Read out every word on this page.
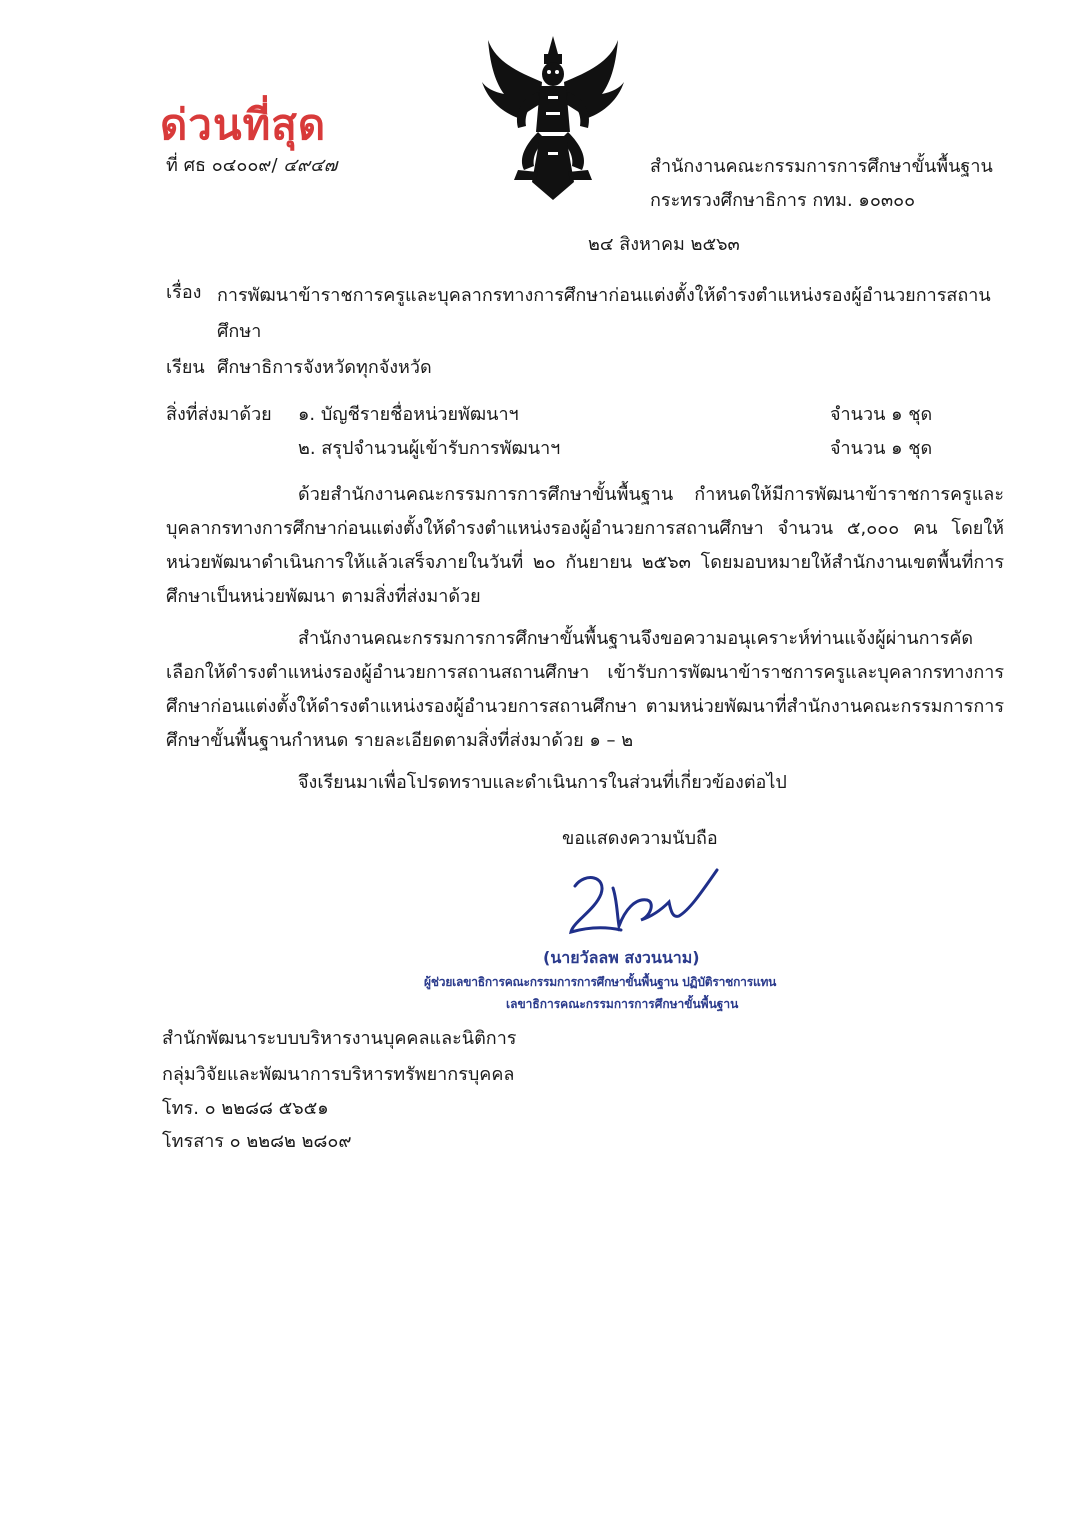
ด่วนที่สุด
ที่ ศธ ๐๔๐๐๙/ ๔๙๔๗	สำนักงานคณะกรรมการการศึกษาขั้นพื้นฐาน
กระทรวงศึกษาธิการ กทม. ๑๐๓๐๐
๒๔ สิงหาคม ๒๕๖๓
เรื่อง การพัฒนาข้าราชการครูและบุคลากรทางการศึกษาก่อนแต่งตั้งให้ดำรงตำแหน่งรองผู้อำนวยการสถานศึกษา
เรียน ศึกษาธิการจังหวัดทุกจังหวัด
สิ่งที่ส่งมาด้วย ๑. บัญชีรายชื่อหน่วยพัฒนาฯ	จำนวน ๑ ชุด
๒. สรุปจำนวนผู้เข้ารับการพัฒนาฯ	จำนวน ๑ ชุด
ด้วยสำนักงานคณะกรรมการการศึกษาขั้นพื้นฐาน กำหนดให้มีการพัฒนาข้าราชการครูและบุคลากรทางการศึกษาก่อนแต่งตั้งให้ดำรงตำแหน่งรองผู้อำนวยการสถานศึกษา จำนวน ๕,๐๐๐ คน โดยให้หน่วยพัฒนาดำเนินการให้แล้วเสร็จภายในวันที่ ๒๐ กันยายน ๒๕๖๓ โดยมอบหมายให้สำนักงานเขตพื้นที่การศึกษาเป็นหน่วยพัฒนา ตามสิ่งที่ส่งมาด้วย
สำนักงานคณะกรรมการการศึกษาขั้นพื้นฐานจึงขอความอนุเคราะห์ท่านแจ้งผู้ผ่านการคัดเลือกให้ดำรงตำแหน่งรองผู้อำนวยการสถานสถานศึกษา เข้ารับการพัฒนาข้าราชการครูและบุคลากรทางการศึกษาก่อนแต่งตั้งให้ดำรงตำแหน่งรองผู้อำนวยการสถานศึกษา ตามหน่วยพัฒนาที่สำนักงานคณะกรรมการการศึกษาขั้นพื้นฐานกำหนด รายละเอียดตามสิ่งที่ส่งมาด้วย ๑ – ๒
จึงเรียนมาเพื่อโปรดทราบและดำเนินการในส่วนที่เกี่ยวข้องต่อไป
ขอแสดงความนับถือ
(นายวัลลพ สงวนนาม)
ผู้ช่วยเลขาธิการคณะกรรมการการศึกษาขั้นพื้นฐาน ปฏิบัติราชการแทน
เลขาธิการคณะกรรมการการศึกษาขั้นพื้นฐาน
สำนักพัฒนาระบบบริหารงานบุคคลและนิติการ
กลุ่มวิจัยและพัฒนาการบริหารทรัพยากรบุคคล
โทร. ๐ ๒๒๘๘ ๕๖๕๑
โทรสาร ๐ ๒๒๘๒ ๒๘๐๙
